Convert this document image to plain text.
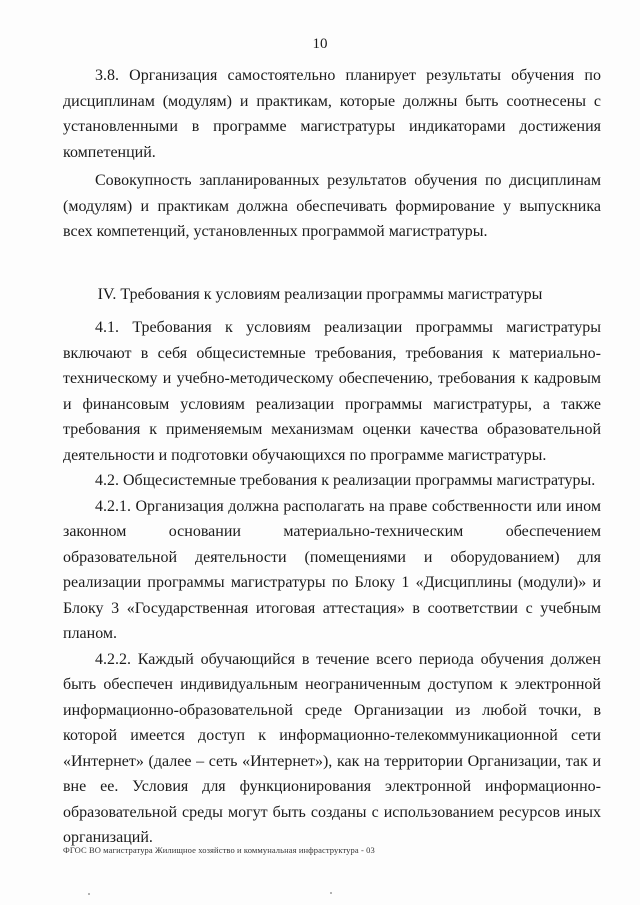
10

3.8. Организация самостоятельно планирует результаты обучения по дисциплинам (модулям) и практикам, которые должны быть соотнесены с установленными в программе магистратуры индикаторами достижения компетенций.

Совокупность запланированных результатов обучения по дисциплинам (модулям) и практикам должна обеспечивать формирование у выпускника всех компетенций, установленных программой магистратуры.

IV. Требования к условиям реализации программы магистратуры

4.1. Требования к условиям реализации программы магистратуры включают в себя общесистемные требования, требования к материально-техническому и учебно-методическому обеспечению, требования к кадровым и финансовым условиям реализации программы магистратуры, а также требования к применяемым механизмам оценки качества образовательной деятельности и подготовки обучающихся по программе магистратуры.

4.2. Общесистемные требования к реализации программы магистратуры.

4.2.1. Организация должна располагать на праве собственности или ином законном основании материально-техническим обеспечением образовательной деятельности (помещениями и оборудованием) для реализации программы магистратуры по Блоку 1 «Дисциплины (модули)» и Блоку 3 «Государственная итоговая аттестация» в соответствии с учебным планом.

4.2.2. Каждый обучающийся в течение всего периода обучения должен быть обеспечен индивидуальным неограниченным доступом к электронной информационно-образовательной среде Организации из любой точки, в которой имеется доступ к информационно-телекоммуникационной сети «Интернет» (далее – сеть «Интернет»), как на территории Организации, так и вне ее. Условия для функционирования электронной информационно-образовательной среды могут быть созданы с использованием ресурсов иных организаций.

ФГОС ВО магистратура Жилищное хозяйство и коммунальная инфраструктура - 03
